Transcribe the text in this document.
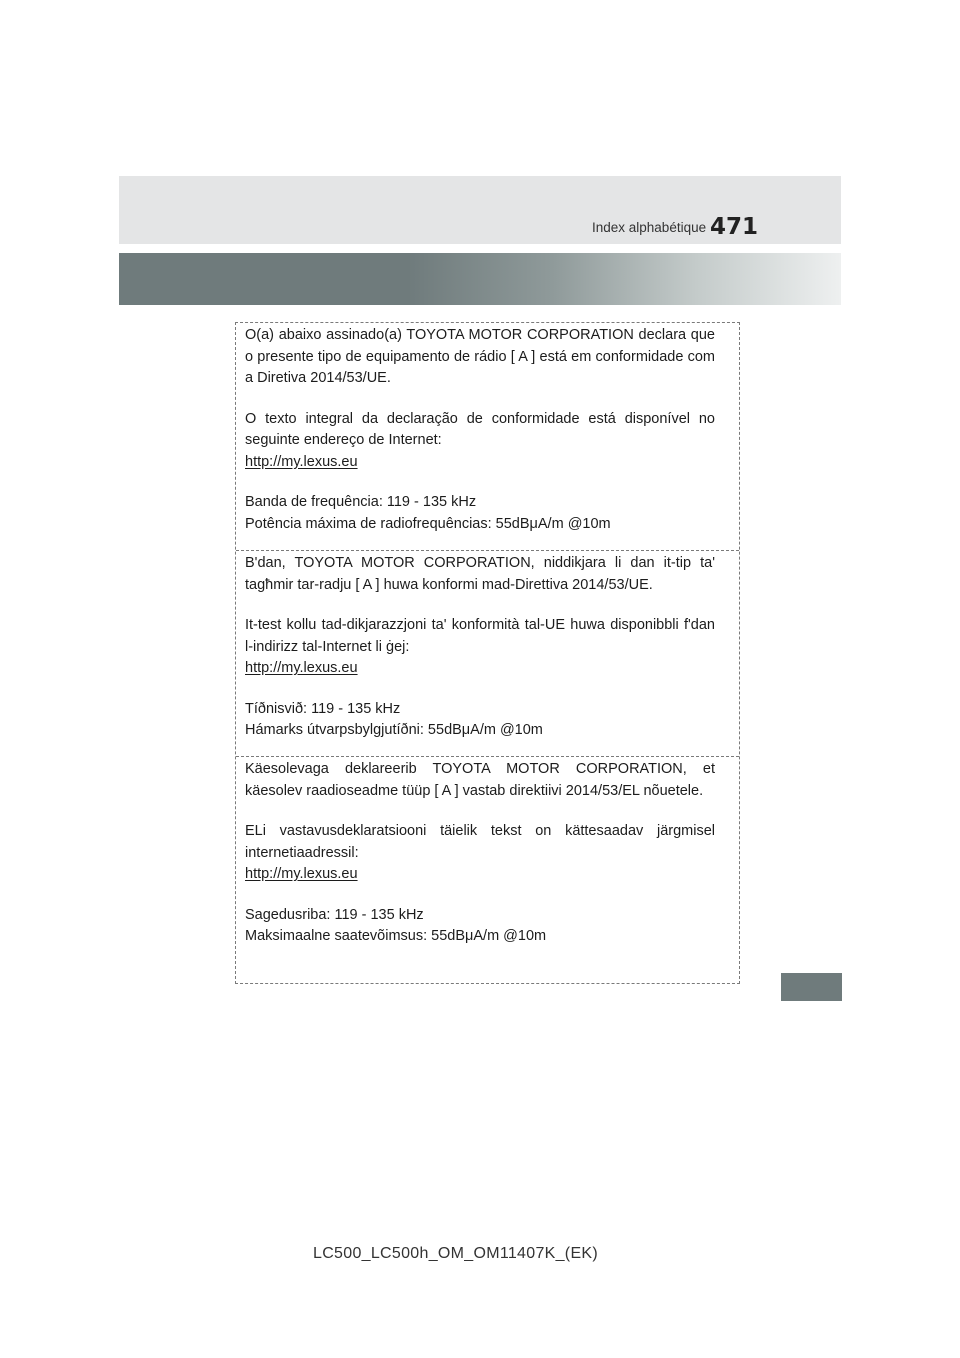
Index alphabétique 471

O(a) abaixo assinado(a) TOYOTA MOTOR CORPORATION declara que o presente tipo de equipamento de rádio [ A ] está em conformidade com a Diretiva 2014/53/UE.

O texto integral da declaração de conformidade está disponível no seguinte endereço de Internet:

http://my.lexus.eu

Banda de frequência: 119 - 135 kHz

Potência máxima de radiofrequências: 55dBμA/m @10m

B'dan, TOYOTA MOTOR CORPORATION, niddikjara li dan it-tip ta' tagħmir tar-radju [ A ] huwa konformi mad-Direttiva 2014/53/UE.

It-test kollu tad-dikjarazzjoni ta' konformità tal-UE huwa disponibbli f'dan l-indirizz tal-Internet li ġej:

http://my.lexus.eu

Tíðnisvið: 119 - 135 kHz

Hámarks útvarpsbylgjutíðni: 55dBμA/m @10m

Käesolevaga deklareerib TOYOTA MOTOR CORPORATION, et käesolev raadioseadme tüüp [ A ] vastab direktiivi 2014/53/EL nõuetele.

ELi vastavusdeklaratsiooni täielik tekst on kättesaadav järgmisel internetiaadressil:

http://my.lexus.eu

Sagedusriba: 119 - 135 kHz

Maksimaalne saatevõimsus: 55dBμA/m @10m

LC500_LC500h_OM_OM11407K_(EK)
